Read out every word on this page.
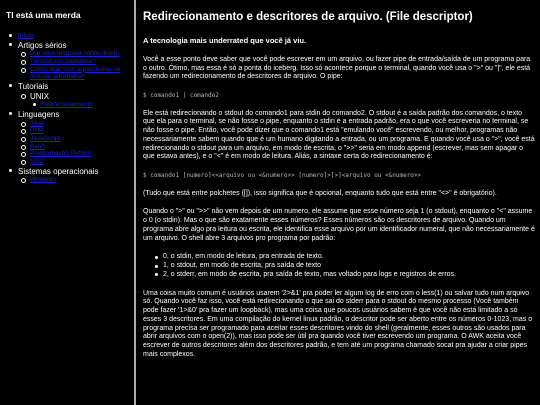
TI está uma merda
Início
Artigos sérios
Dar uma resposta sobre direito
Técnico em papelaria?
Como lidar com a pandemia se recusar a trabalhar
Tutoriais
UNIX
Redirecionamento
Linguagens
Java
PHP
JavaScript
Bash
Programação Python
SQL
Sistemas operacionais
Windows
Redirecionamento e descritores de arquivo. (File descriptor)
A tecnologia mais underrated que você já viu.

Você a esse ponto deve saber que você pode escrever em um arquivo, ou fazer pipe de entrada/saída de um programa para o outro. Ótimo, mas essa é só a ponta do iceberg. Isso só acontece porque o terminal, quando você usa o ">" ou "|", ele está fazendo um redirecionamento de descritores de arquivo. O pipe:

$ comando1 | comando2

Ele está redirecionando o stdout do comando1 para stdin do comando2. O stdout é a saída padrão dos comandos, o texto que ela para o terminal, se não fosse o pipe, enquanto o stdin é a entrada padrão, era o que você escreveria no terminal, se não fosse o pipe. Então, você pode dizer que o comando1 está "emulando você" escrevendo, ou melhor, programas não necessariamente sabem quando que é um humano digitando a entrada, ou um programa. E quando você usa o ">", você está redirecionando o stdout para um arquivo, em modo de escrita, o ">>" seria em modo append (escrever, mas sem apagar o que estava antes), e o "<" é em modo de leitura. Aliás, a sintaxe certa do redirecionamento é:

$ comando1 [numero]<<arquivo ou <&numero>> [numero]>[>]<arquivo ou <&numero>>

(Tudo que está entre polchetes ([]), isso significa que é opcional, enquanto tudo que está entre "<>" é obrigatório).

Quando o ">" ou ">>" não vem depois de um numero, ele assume que esse número seja 1 (o stdout), enquanto o "<" assume o 0 (o stdin). Mas o que são exatamente esses números? Esses números são os descritores de arquivo. Quando um programa abre algo pra leitura ou escrita, ele identifica esse arquivo por um identificador numeral, que não necessariamente é um arquivo. O shell abre 3 arquivos pro programa por padrão:

0, o stdin, em modo de leitura, pra entrada de texto.
1, o stdout, em modo de escrita, pra saída de texto
2, o stderr, em modo de escrita, pra saída de texto, mas voltado para logs e registros de erros.

Uma coisa muito comum é usuários usarem '2>&1' pra poder ler algum log de erro com o less(1) ou salvar tudo num arquivo só. Quando você faz isso, você está redirecionando o que sai do stderr para o stdout do mesmo processo (Você também pode fazer '1>&0' pra fazer um loopback), mas uma coisa que poucos usuários sabem é que você não está limitado a só esses 3 descritores. Em uma compilação do kernel linux padrão, o descritor pode ser aberto entre os números 0-1023, mas o programa precisa ser programado para aceitar esses descritores vindo do shell (geralmente, esses outros são usados para abrir arquivos com o open(2)), mas isso pode ser útil pra quando você tiver escrevendo um programa. O AWK aceita você escrever de outros descritores além dos descritores padrão, e tem até um programa chamado socat pra ajudar a criar pipes mais complexos.
